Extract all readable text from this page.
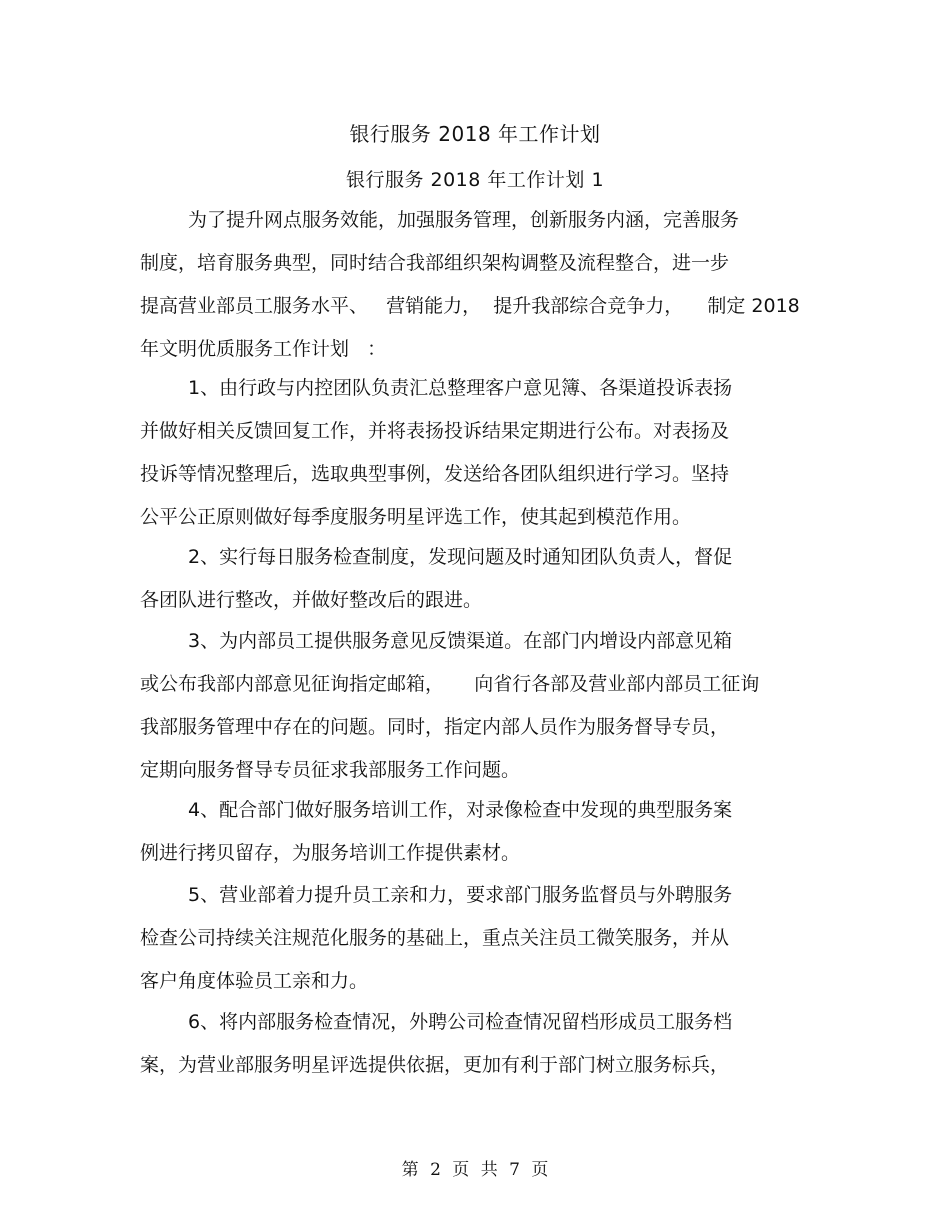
银行服务 2018 年工作计划
银行服务 2018 年工作计划 1
为了提升网点服务效能，加强服务管理，创新服务内涵，完善服务
制度，培育服务典型，同时结合我部组织架构调整及流程整合，进一步
提高营业部员工服务水平、   营销能力，  提升我部综合竞争力，    制定 2018
年文明优质服务工作计划   ：
1、由行政与内控团队负责汇总整理客户意见簿、各渠道投诉表扬
并做好相关反馈回复工作，并将表扬投诉结果定期进行公布。对表扬及
投诉等情况整理后，选取典型事例，发送给各团队组织进行学习。坚持
公平公正原则做好每季度服务明星评选工作，使其起到模范作用。
2、实行每日服务检查制度，发现问题及时通知团队负责人，督促
各团队进行整改，并做好整改后的跟进。
3、为内部员工提供服务意见反馈渠道。在部门内增设内部意见箱
或公布我部内部意见征询指定邮箱，     向省行各部及营业部内部员工征询
我部服务管理中存在的问题。同时，指定内部人员作为服务督导专员，
定期向服务督导专员征求我部服务工作问题。
4、配合部门做好服务培训工作，对录像检查中发现的典型服务案
例进行拷贝留存，为服务培训工作提供素材。
5、营业部着力提升员工亲和力，要求部门服务监督员与外聘服务
检查公司持续关注规范化服务的基础上，重点关注员工微笑服务，并从
客户角度体验员工亲和力。
6、将内部服务检查情况，外聘公司检查情况留档形成员工服务档
案，为营业部服务明星评选提供依据，更加有利于部门树立服务标兵，
第 2 页 共 7 页
